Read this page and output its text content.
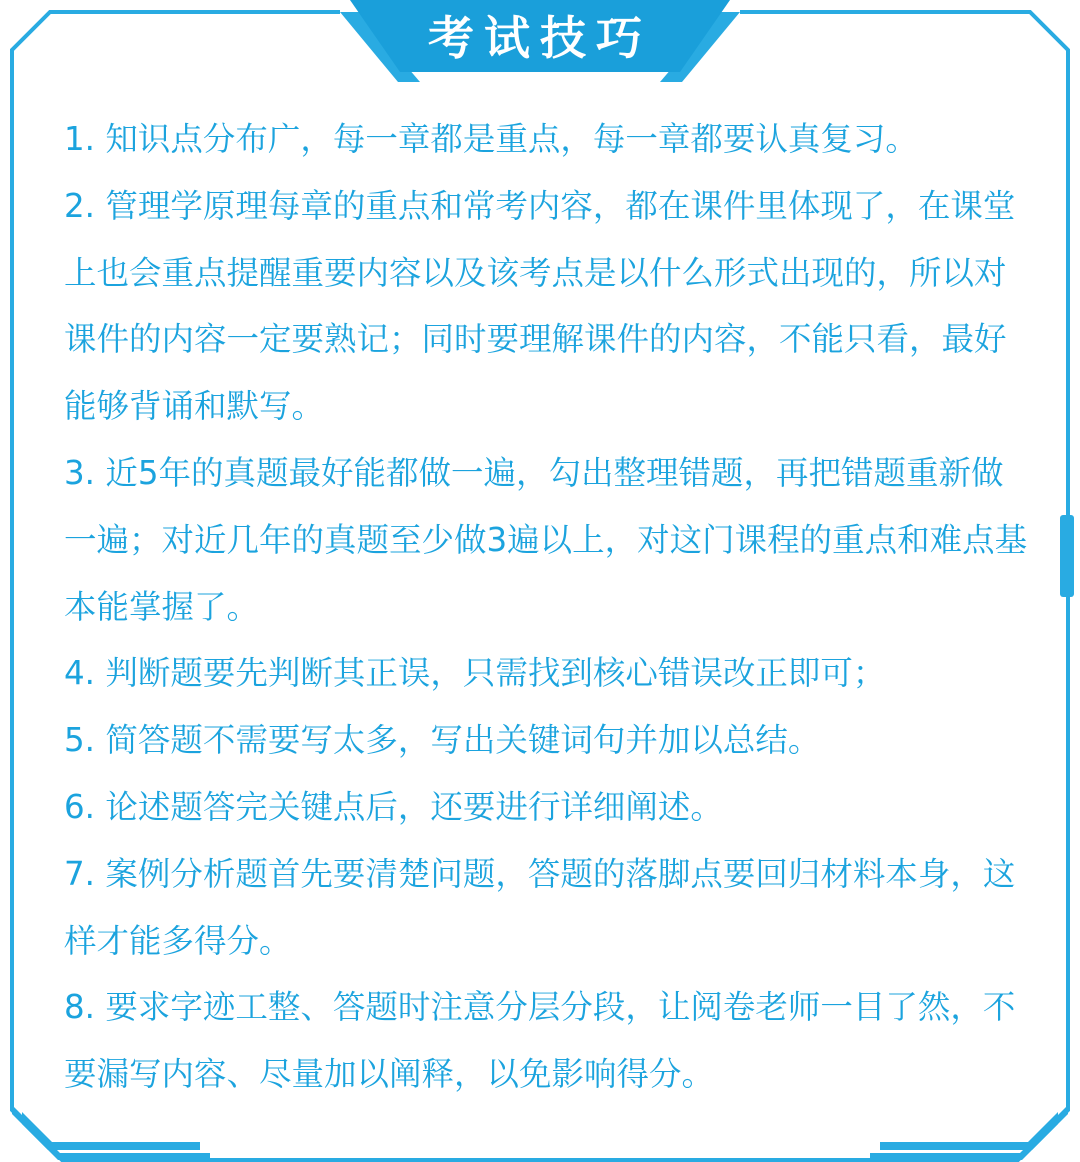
考试技巧

1. 知识点分布广，每一章都是重点，每一章都要认真复习。

2. 管理学原理每章的重点和常考内容，都在课件里体现了，在课堂上也会重点提醒重要内容以及该考点是以什么形式出现的，所以对课件的内容一定要熟记；同时要理解课件的内容，不能只看，最好能够背诵和默写。

3. 近5年的真题最好能都做一遍，勾出整理错题，再把错题重新做一遍；对近几年的真题至少做3遍以上，对这门课程的重点和难点基本能掌握了。

4. 判断题要先判断其正误，只需找到核心错误改正即可；

5. 简答题不需要写太多，写出关键词句并加以总结。

6. 论述题答完关键点后，还要进行详细阐述。

7. 案例分析题首先要清楚问题，答题的落脚点要回归材料本身，这样才能多得分。

8. 要求字迹工整、答题时注意分层分段，让阅卷老师一目了然，不要漏写内容、尽量加以阐释，以免影响得分。
